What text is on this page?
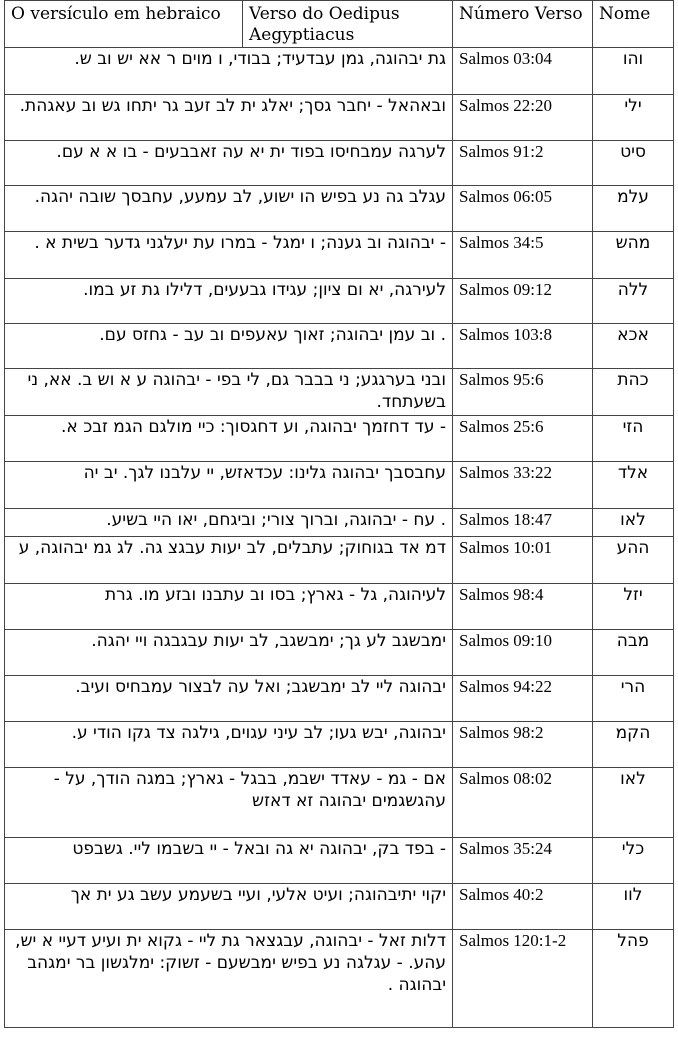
O versículo em hebraico	Verso do Oedipus Aegyptiacus	Número Verso	Nome
גת יבהוגה, גמן עבדעיד; בבודי, ו מוים ר אא יש וב ש.		Salmos 03:04	והו
ובאהאל - יחבר גסך; יאלג ית לב זעב גר יתחו גש וב עאגהת.		Salmos 22:20	ילי
לערגה עמבחיסו בפוד ית יא עה זאבבעים - בו א א עם.		Salmos 91:2	סיט
עגלב גה נע בפיש הו ישוע, לב עמעע, עחבסך שובה יהגה.		Salmos 06:05	עלמ
- יבהוגה וב גענה; ו ימגל - במרו עת יעלגני גדער בשית א .		Salmos 34:5	מהש
לעירגה, יא ום ציון; עגידו גבעעים, דלילו גת זע במו.		Salmos 09:12	ללה
. וב עמן יבהוגה; זאוך עאעפים וב עב - גחזס עם.		Salmos 103:8	אכא
ובני בערגגע; ני בבבר גם, לי בפי - יבהוגה ע א וש ב. אא, ני בשעתחד.		Salmos 95:6	כהת
- עד דחזמך יבהוגה, וע דחגסוך: כיי מולגם הגמ זבכ א.		Salmos 25:6	הזי
עחבסבך יבהוגה גלינו: עכדאזש, יי עלבנו לגך. יב יה		Salmos 33:22	אלד
. עח - יבהוגה, וברוך צורי; וביגחם, יאו היי בשיע.		Salmos 18:47	לאו
דמ אד בגוחוק; עתבלים, לב יעות עבגצ גה. לג גמ יבהוגה, ע		Salmos 10:01	ההע
לעיהוגה, גל - גארץ; בסו וב עתבנו ובזע מו. גרת		Salmos 98:4	יזל
ימבשגב לע גך; ימבשגב, לב יעות עבגבגה ויי יהגה.		Salmos 09:10	מבה
יבהוגה ליי לב ימבשגב; ואל עה לבצור עמבחיס ועיב.		Salmos 94:22	הרי
יבהוגה, יבש געו; לב עיני עגוים, גילגה צד גקו הודי ע.		Salmos 98:2	הקמ
אם - גמ - עאדד ישבמ, בבגל - גארץ; במגה הודך, על - עהגשגמים יבהוגה זא דאזש		Salmos 08:02	לאו
- בפד בק, יבהוגה יא גה ובאל - יי בשבמו ליי. גשבפט		Salmos 35:24	כלי
יקוי יתיבהוגה; ועיט אלעי, ועיי בשעמע עשב גע ית אך		Salmos 40:2	לוו
דלות זאל - יבהוגה, עבגצאר גת ליי - גקוא ית ועיע דעיי א יש, עהע. - עגלגה נע בפיש ימבשעם - זשוק: ימלגשון בר ימגהב יבהוגה .		Salmos 120:1-2	פהל
